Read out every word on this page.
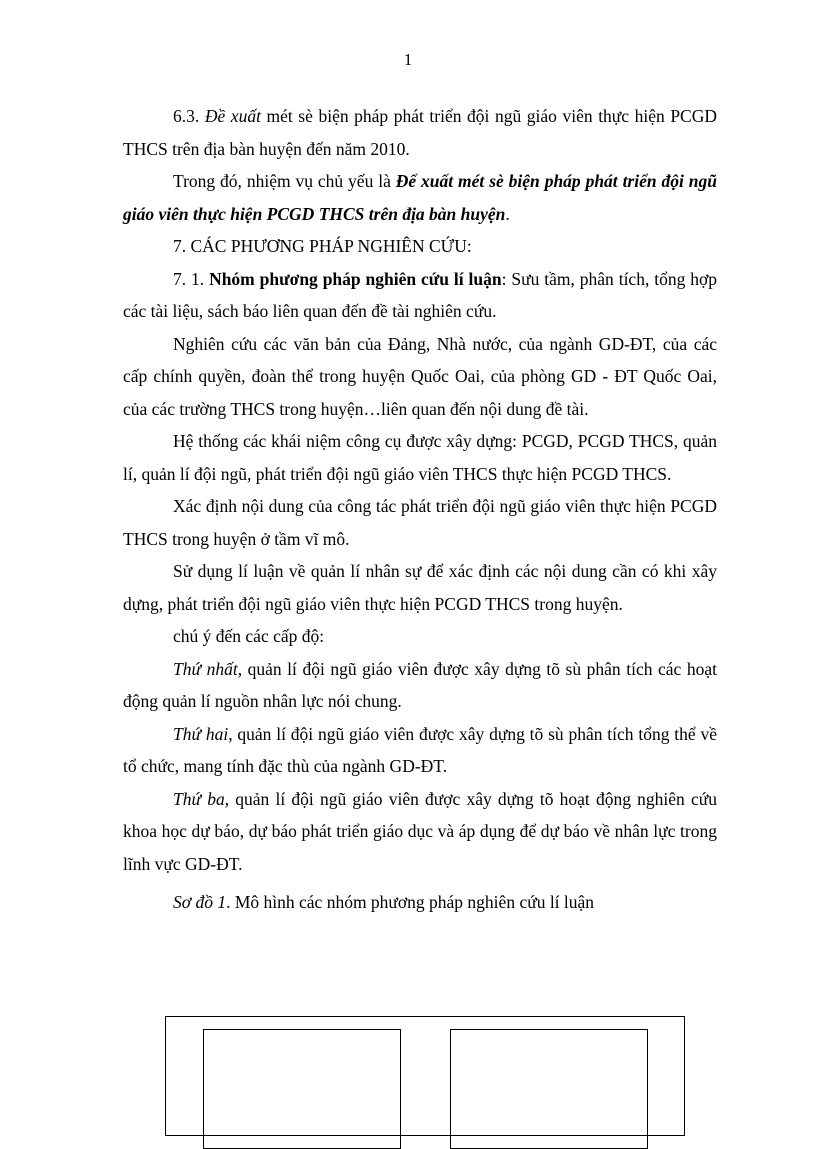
1

6.3. Đề xuất mét sè biện pháp phát triển đội ngũ giáo viên thực hiện PCGD THCS trên địa bàn huyện đến năm 2010.

Trong đó, nhiệm vụ chủ yếu là Để xuất mét sè biện pháp phát triển đội ngũ giáo viên thực hiện PCGD THCS trên địa bàn huyện.

7. CÁC PHƯƠNG PHÁP NGHIÊN CỨU:

7. 1. Nhóm phương pháp nghiên cứu lí luận: Sưu tầm, phân tích, tổng hợp các tài liệu, sách báo liên quan đến đề tài nghiên cứu.

Nghiên cứu các văn bản của Đảng, Nhà nước, của ngành GD-ĐT, của các cấp chính quyền, đoàn thể trong huyện Quốc Oai, của phòng GD - ĐT Quốc Oai, của các trường THCS trong huyện…liên quan đến nội dung đề tài.

Hệ thống các khái niệm công cụ được xây dựng: PCGD, PCGD THCS, quản lí, quản lí đội ngũ, phát triển đội ngũ giáo viên THCS thực hiện PCGD THCS.

Xác định nội dung của công tác phát triển đội ngũ giáo viên thực hiện PCGD THCS trong huyện ở tầm vĩ mô.

Sử dụng lí luận về quản lí nhân sự để xác định các nội dung cần có khi xây dựng, phát triển đội ngũ giáo viên thực hiện PCGD THCS trong huyện.

chú ý đến các cấp độ:

Thứ nhất, quản lí đội ngũ giáo viên được xây dựng tõ sù phân tích các hoạt động quản lí nguồn nhân lực nói chung.

Thứ hai, quản lí đội ngũ giáo viên được xây dựng tõ sù phân tích tổng thể về tổ chức, mang tính đặc thù của ngành GD-ĐT.

Thứ ba, quản lí đội ngũ giáo viên được xây dựng tõ hoạt động nghiên cứu khoa học dự báo, dự báo phát triển giáo dục và áp dụng để dự báo về nhân lực trong lĩnh vực GD-ĐT.

Sơ đồ 1. Mô hình các nhóm phương pháp nghiên cứu lí luận
